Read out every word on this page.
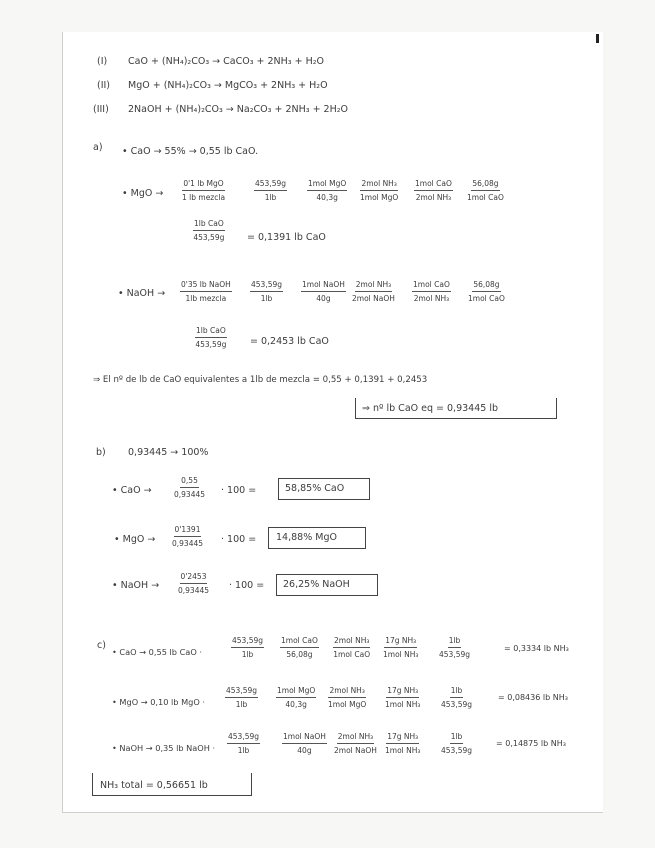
(I) CaO + (NH₄)₂CO₃ → CaCO₃ + 2NH₃ + H₂O
(II) MgO + (NH₄)₂CO₃ → MgCO₃ + 2NH₃ + H₂O
(III) 2NaOH + (NH₄)₂CO₃ → Na₂CO₃ + 2NH₃ + 2H₂O
a) • CaO → 55% → 0,55 lb CaO.
• MgO →
0'1 lb MgO
1 lb mezcla	$\frac{453,59g}{1lb}$	1mol MgO
40,3g
2mol NH₃
1mol MgO
1mol CaO
2mol NH₃
56,08g
1mol CaO
1lb CaO
453,59g = 0,1391 lb CaO
• NaOH →
0'35 lb NaOH
1lb mezcla	$\frac{453,59g}{1lb}$	1mol NaOH
40g
2mol NH₃
2mol NaOH
1mol CaO
2mol NH₃
56,08g
1mol CaO
1lb CaO
453,59g = 0,2453 lb CaO
⇒ El nº de lb de CaO equivalentes a 1lb de mezcla = 0,55 + 0,1391 + 0,2453
⇒ nº lb CaO eq = 0,93445 lb
b) 0,93445 → 100%
• CaO →	$\frac{0,55}{0,93445} \cdot 100$ =	58,85% CaO
• MgO → $\frac{0'1391}{0,93445} \cdot 100 = 14,88\%$ MgO
• NaOH →	$\frac{0'2453}{0,93445} \cdot 100 = 26,25\%$ NaOH
c)
• CaO → 0,55 lb CaO ·	$\frac{453,59g}{1lb} 1mol$ CaO
56,08g
2mol NH₃
1mol CaO
17g NH₃
1mol NH₃	$\frac{1lb}{453,59g}$	= 0,3334 lb NH₃
• MgO → 0,10 lb MgO ·	$\frac{453,59g}{1lb}$	1mol MgO
40,3g
2mol NH₃
1mol MgO
17g NH₃
1mol NH₃	$\frac{1lb}{453,59g}$	= 0,08436 lb NH₃
• NaOH → 0,35 lb NaOH · $\frac{453,59g}{1lb}$	1mol NaOH
40g
2mol NH₃
2mol NaOH
17g NH₃
1mol NH₃	$\frac{1lb}{453,59g}$	= 0,14875 lb NH₃
NH₃ total = 0,56651 lb
